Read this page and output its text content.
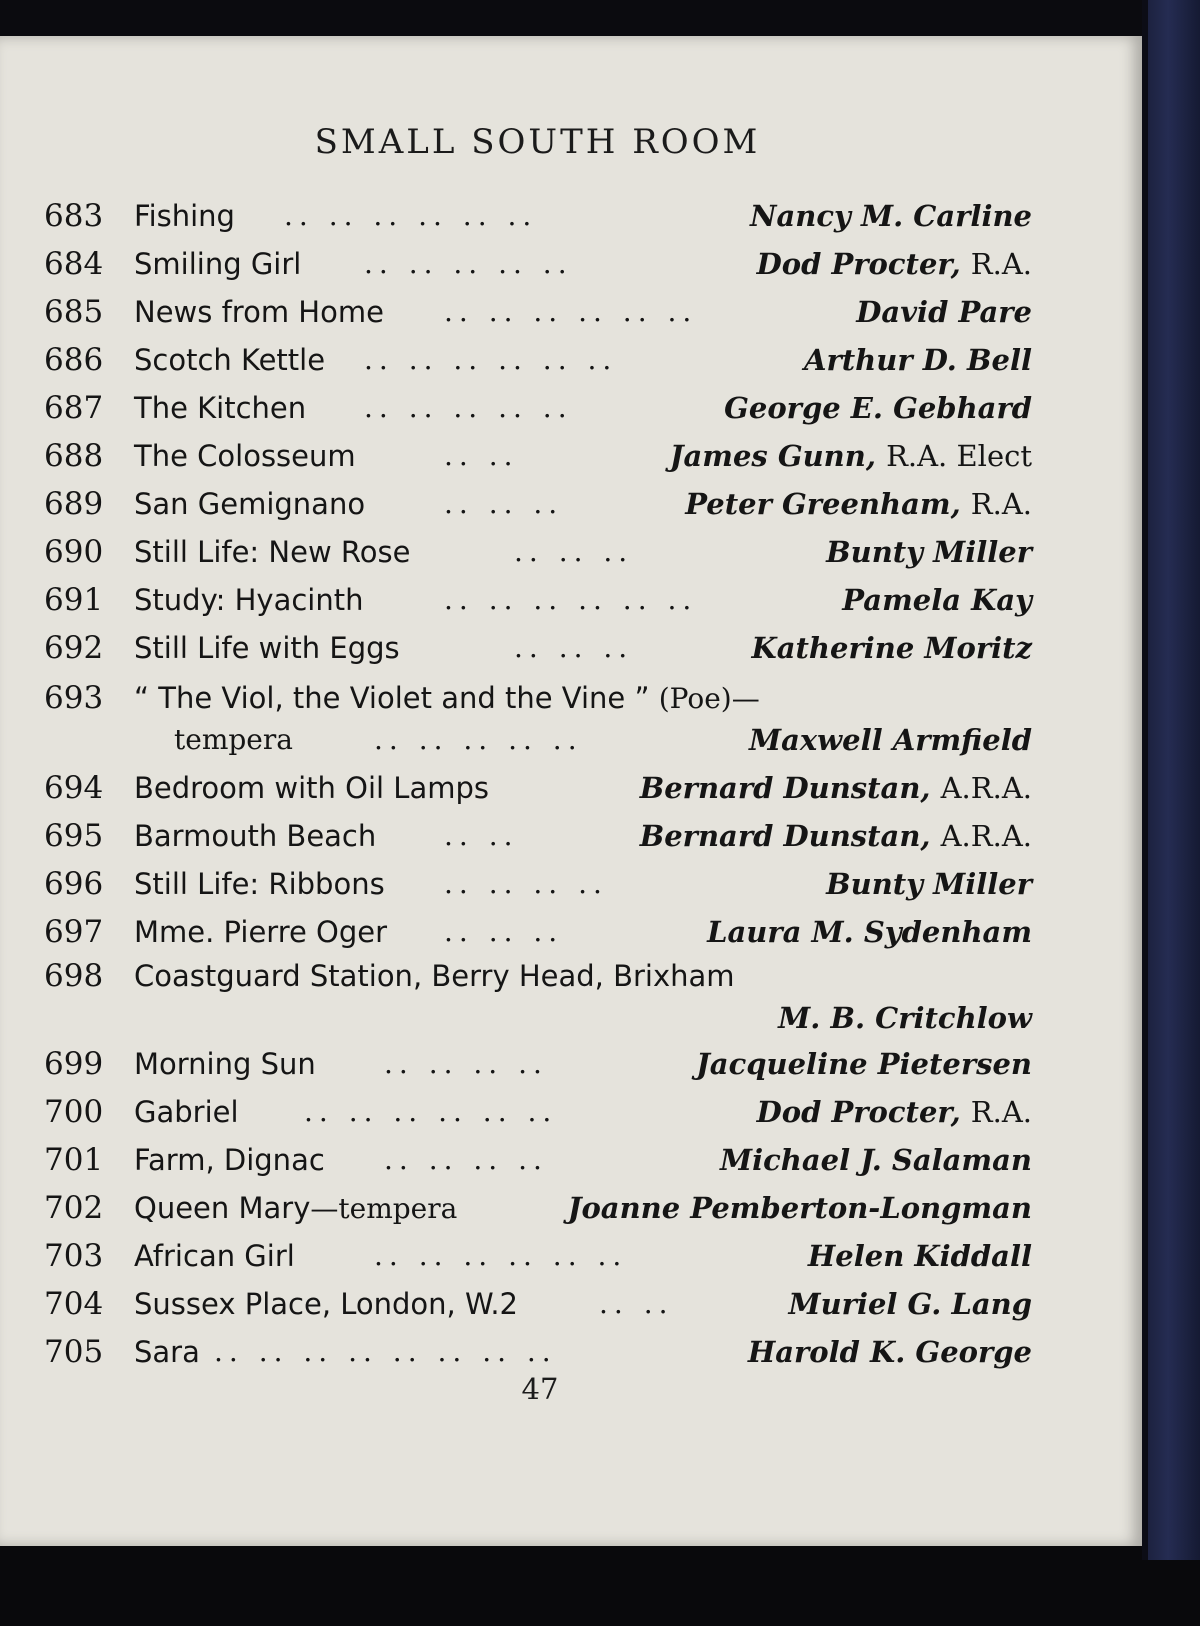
SMALL SOUTH ROOM
683	Fishing .. .. .. .. .. ..	Nancy M. Carline
684	Smiling Girl .. .. .. .. ..	Dod Procter, R.A.
685	News from Home .. .. .. .. .. ..	David Pare
686	Scotch Kettle .. .. .. .. .. ..	Arthur D. Bell
687	The Kitchen .. .. .. .. ..	George E. Gebhard
688	The Colosseum	.. ..	James Gunn, R.A. Elect
689	San Gemignano	.. .. ..	Peter Greenham, R.A.
690	Still Life: New Rose	.. .. ..	Bunty Miller
691	Study: Hyacinth	.. .. .. .. .. ..	Pamela Kay
692	Still Life with Eggs	.. .. ..	Katherine Moritz
693	“ The Viol, the Violet and the Vine ” (Poe)—
tempera	.. .. .. .. ..	Maxwell Armfield
694	Bedroom with Oil Lamps	Bernard Dunstan, A.R.A.
695	Barmouth Beach .. ..	Bernard Dunstan, A.R.A.
696	Still Life: Ribbons .. .. .. ..	Bunty Miller
697	Mme. Pierre Oger .. .. ..	Laura M. Sydenham
698	Coastguard Station, Berry Head, Brixham
M. B. Critchlow
699	Morning Sun .. .. .. ..	Jacqueline Pietersen
700	Gabriel .. .. .. .. .. ..	Dod Procter, R.A.
701	Farm, Dignac .. .. .. ..	Michael J. Salaman
702	Queen Mary—tempera	Joanne Pemberton-Longman
703	African Girl	.. .. .. .. .. ..	Helen Kiddall
704	Sussex Place, London, W.2	.. ..	Muriel G. Lang
705	Sara .. .. .. .. .. .. .. ..	Harold K. George
47
